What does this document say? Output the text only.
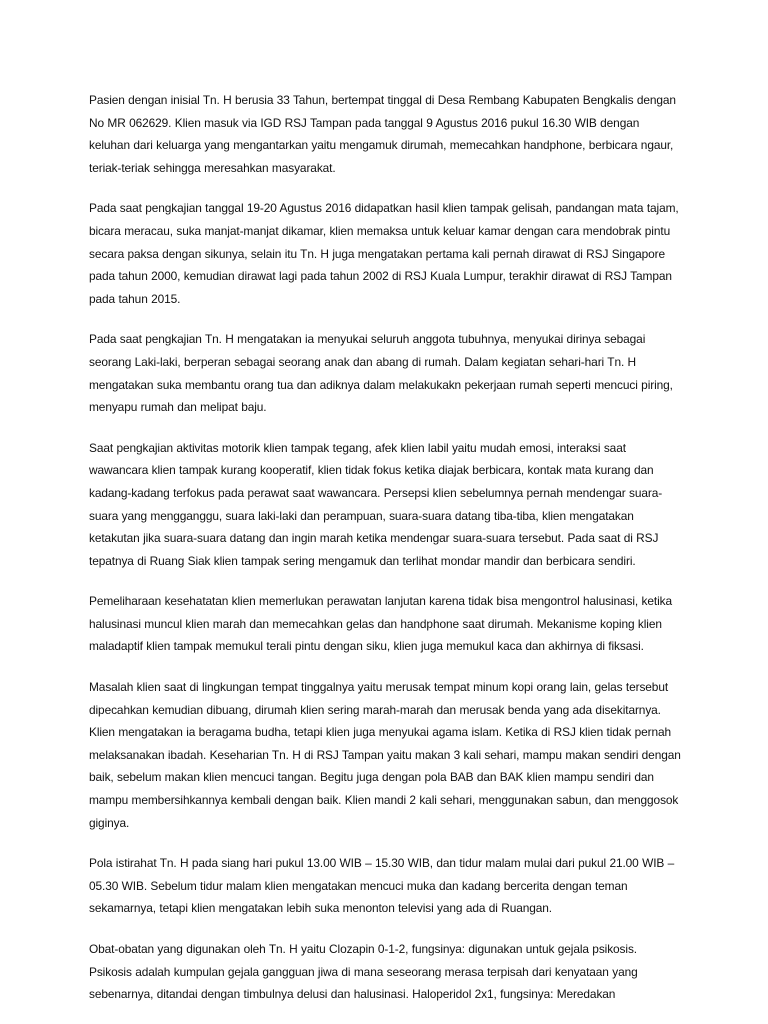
Pasien dengan inisial Tn. H berusia 33 Tahun, bertempat tinggal di Desa Rembang Kabupaten Bengkalis dengan No MR 062629. Klien masuk via IGD RSJ Tampan pada tanggal 9 Agustus 2016 pukul 16.30 WIB dengan keluhan dari keluarga yang mengantarkan yaitu mengamuk dirumah, memecahkan handphone, berbicara ngaur, teriak-teriak sehingga meresahkan masyarakat.

Pada saat pengkajian tanggal 19-20 Agustus 2016 didapatkan hasil klien tampak gelisah, pandangan mata tajam, bicara meracau, suka manjat-manjat dikamar, klien memaksa untuk keluar kamar dengan cara mendobrak pintu secara paksa dengan sikunya, selain itu Tn. H juga mengatakan pertama kali pernah dirawat di RSJ Singapore pada tahun 2000, kemudian dirawat lagi pada tahun 2002 di RSJ Kuala Lumpur, terakhir dirawat di RSJ Tampan pada tahun 2015.

Pada saat pengkajian Tn. H mengatakan ia menyukai seluruh anggota tubuhnya, menyukai dirinya sebagai seorang Laki-laki, berperan sebagai seorang anak dan abang di rumah. Dalam kegiatan sehari-hari Tn. H mengatakan suka membantu orang tua dan adiknya dalam melakukakn pekerjaan rumah seperti mencuci piring, menyapu rumah dan melipat baju.

Saat pengkajian aktivitas motorik klien tampak tegang, afek klien labil yaitu mudah emosi, interaksi saat wawancara klien tampak kurang kooperatif, klien tidak fokus ketika diajak berbicara, kontak mata kurang dan kadang-kadang terfokus pada perawat saat wawancara. Persepsi klien sebelumnya pernah mendengar suara-suara yang mengganggu, suara laki-laki dan perampuan, suara-suara datang tiba-tiba, klien mengatakan ketakutan jika suara-suara datang dan ingin marah ketika mendengar suara-suara tersebut. Pada saat di RSJ tepatnya di Ruang Siak klien tampak sering mengamuk dan terlihat mondar mandir dan berbicara sendiri.

Pemeliharaan kesehatatan klien memerlukan perawatan lanjutan karena tidak bisa mengontrol halusinasi, ketika halusinasi muncul klien marah dan memecahkan gelas dan handphone saat dirumah. Mekanisme koping klien maladaptif klien tampak memukul terali pintu dengan siku, klien juga memukul kaca dan akhirnya di fiksasi.

Masalah klien saat di lingkungan tempat tinggalnya yaitu merusak tempat minum kopi orang lain, gelas tersebut dipecahkan kemudian dibuang, dirumah klien sering marah-marah dan merusak benda yang ada disekitarnya. Klien mengatakan ia beragama budha, tetapi klien juga menyukai agama islam. Ketika di RSJ klien tidak pernah melaksanakan ibadah. Keseharian Tn. H di RSJ Tampan yaitu makan 3 kali sehari, mampu makan sendiri dengan baik, sebelum makan klien mencuci tangan. Begitu juga dengan pola BAB dan BAK klien mampu sendiri dan mampu membersihkannya kembali dengan baik. Klien mandi 2 kali sehari, menggunakan sabun, dan menggosok giginya.

Pola istirahat Tn. H pada siang hari pukul 13.00 WIB – 15.30 WIB, dan tidur malam mulai dari pukul 21.00 WIB – 05.30 WIB. Sebelum tidur malam klien mengatakan mencuci muka dan kadang bercerita dengan teman sekamarnya, tetapi klien mengatakan lebih suka menonton televisi yang ada di Ruangan.

Obat-obatan yang digunakan oleh Tn. H yaitu Clozapin 0-1-2, fungsinya: digunakan untuk gejala psikosis. Psikosis adalah kumpulan gejala gangguan jiwa di mana seseorang merasa terpisah dari kenyataan yang sebenarnya, ditandai dengan timbulnya delusi dan halusinasi. Haloperidol 2x1, fungsinya: Meredakan
